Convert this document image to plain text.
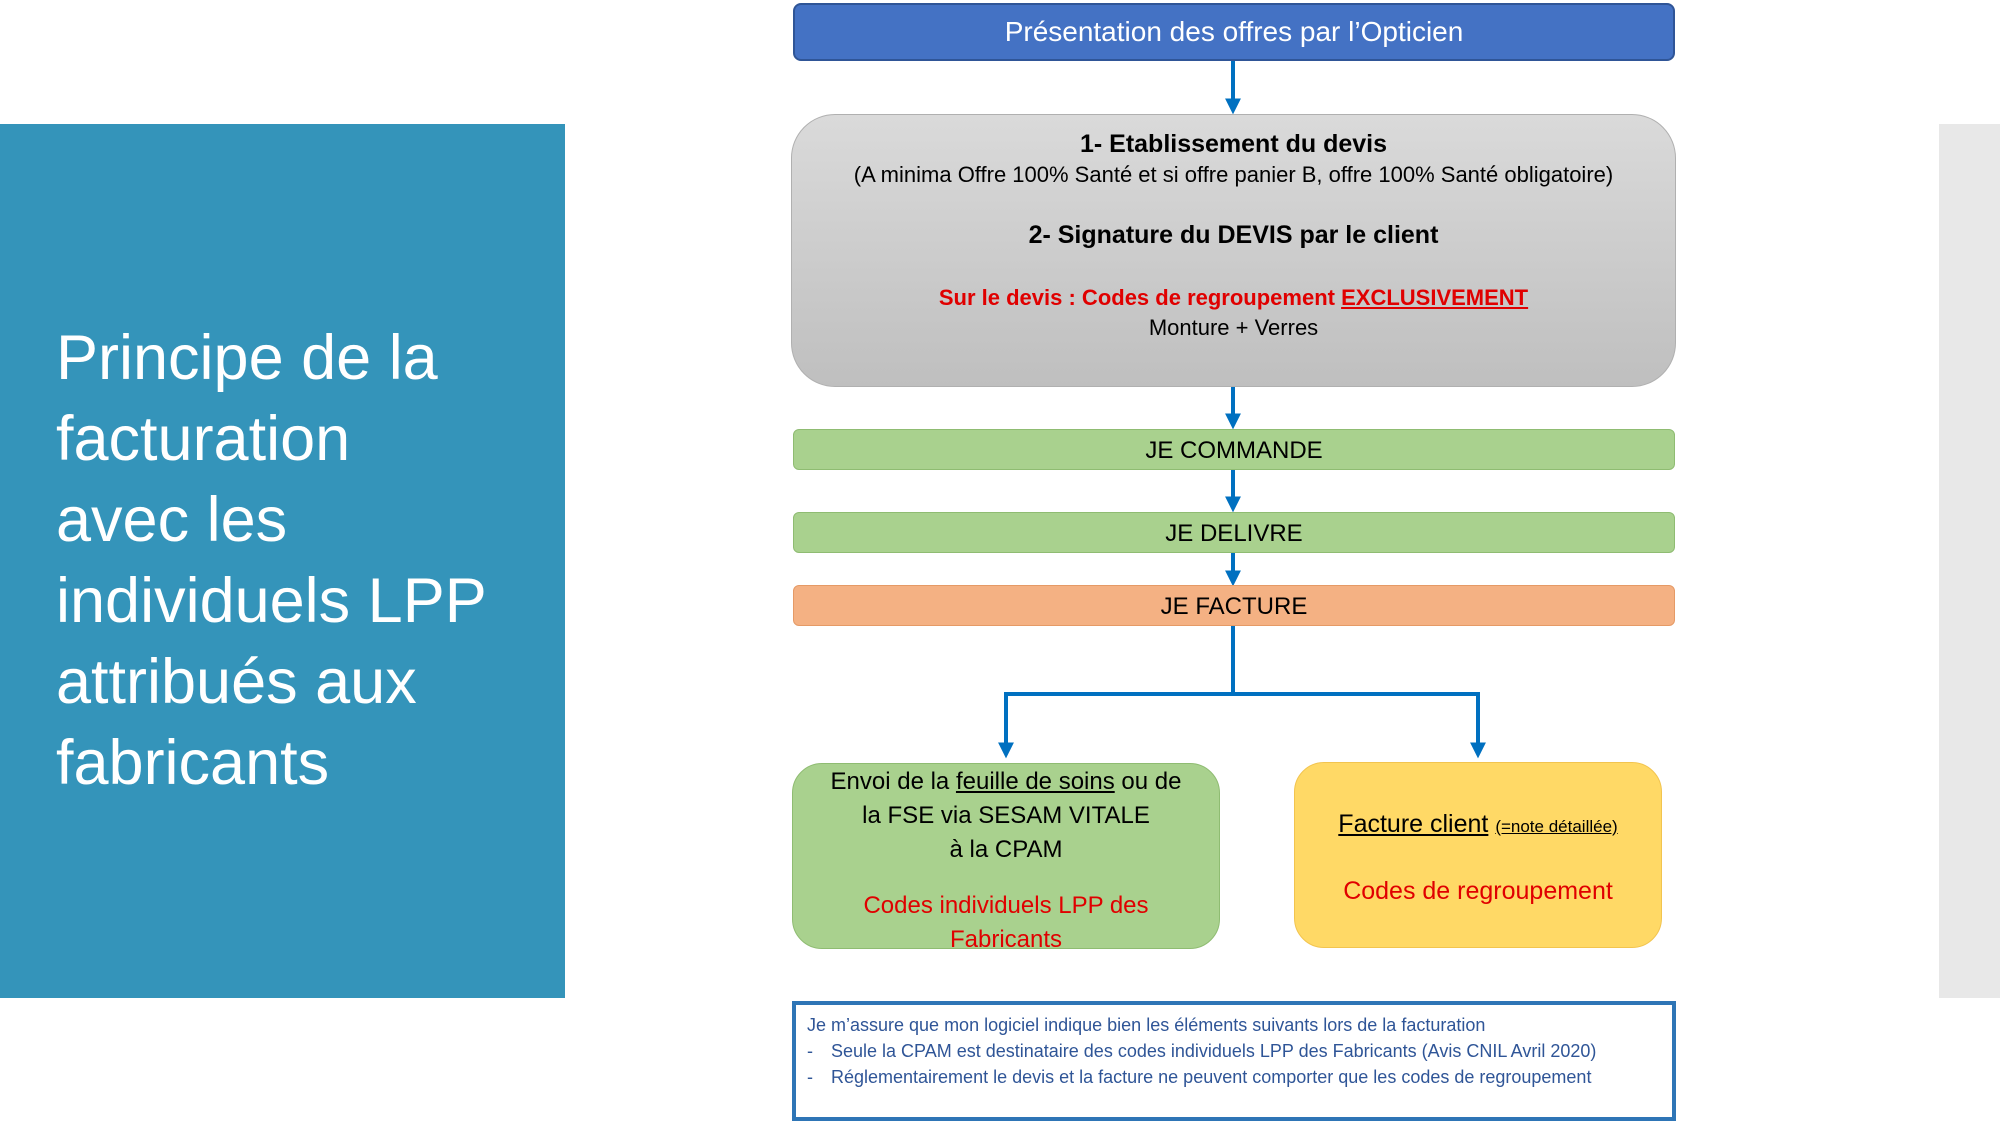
Principe de la
facturation
avec les
individuels LPP
attribués aux
fabricants
Présentation des offres par l’Opticien
1- Etablissement du devis
(A minima Offre 100% Santé et si offre panier B, offre 100% Santé obligatoire)
2- Signature du DEVIS par le client
Sur le devis : Codes de regroupement EXCLUSIVEMENT
Monture + Verres
JE COMMANDE
JE DELIVRE
JE FACTURE
Envoi de la feuille de soins ou de
la FSE via SESAM VITALE
à la CPAM
Codes individuels LPP des
Fabricants
Facture client (=note détaillée)
Codes de regroupement
Je m’assure que mon logiciel indique bien les éléments suivants lors de la facturation
- Seule la CPAM est destinataire des codes individuels LPP des Fabricants (Avis CNIL Avril 2020)
- Réglementairement le devis et la facture ne peuvent comporter que les codes de regroupement
